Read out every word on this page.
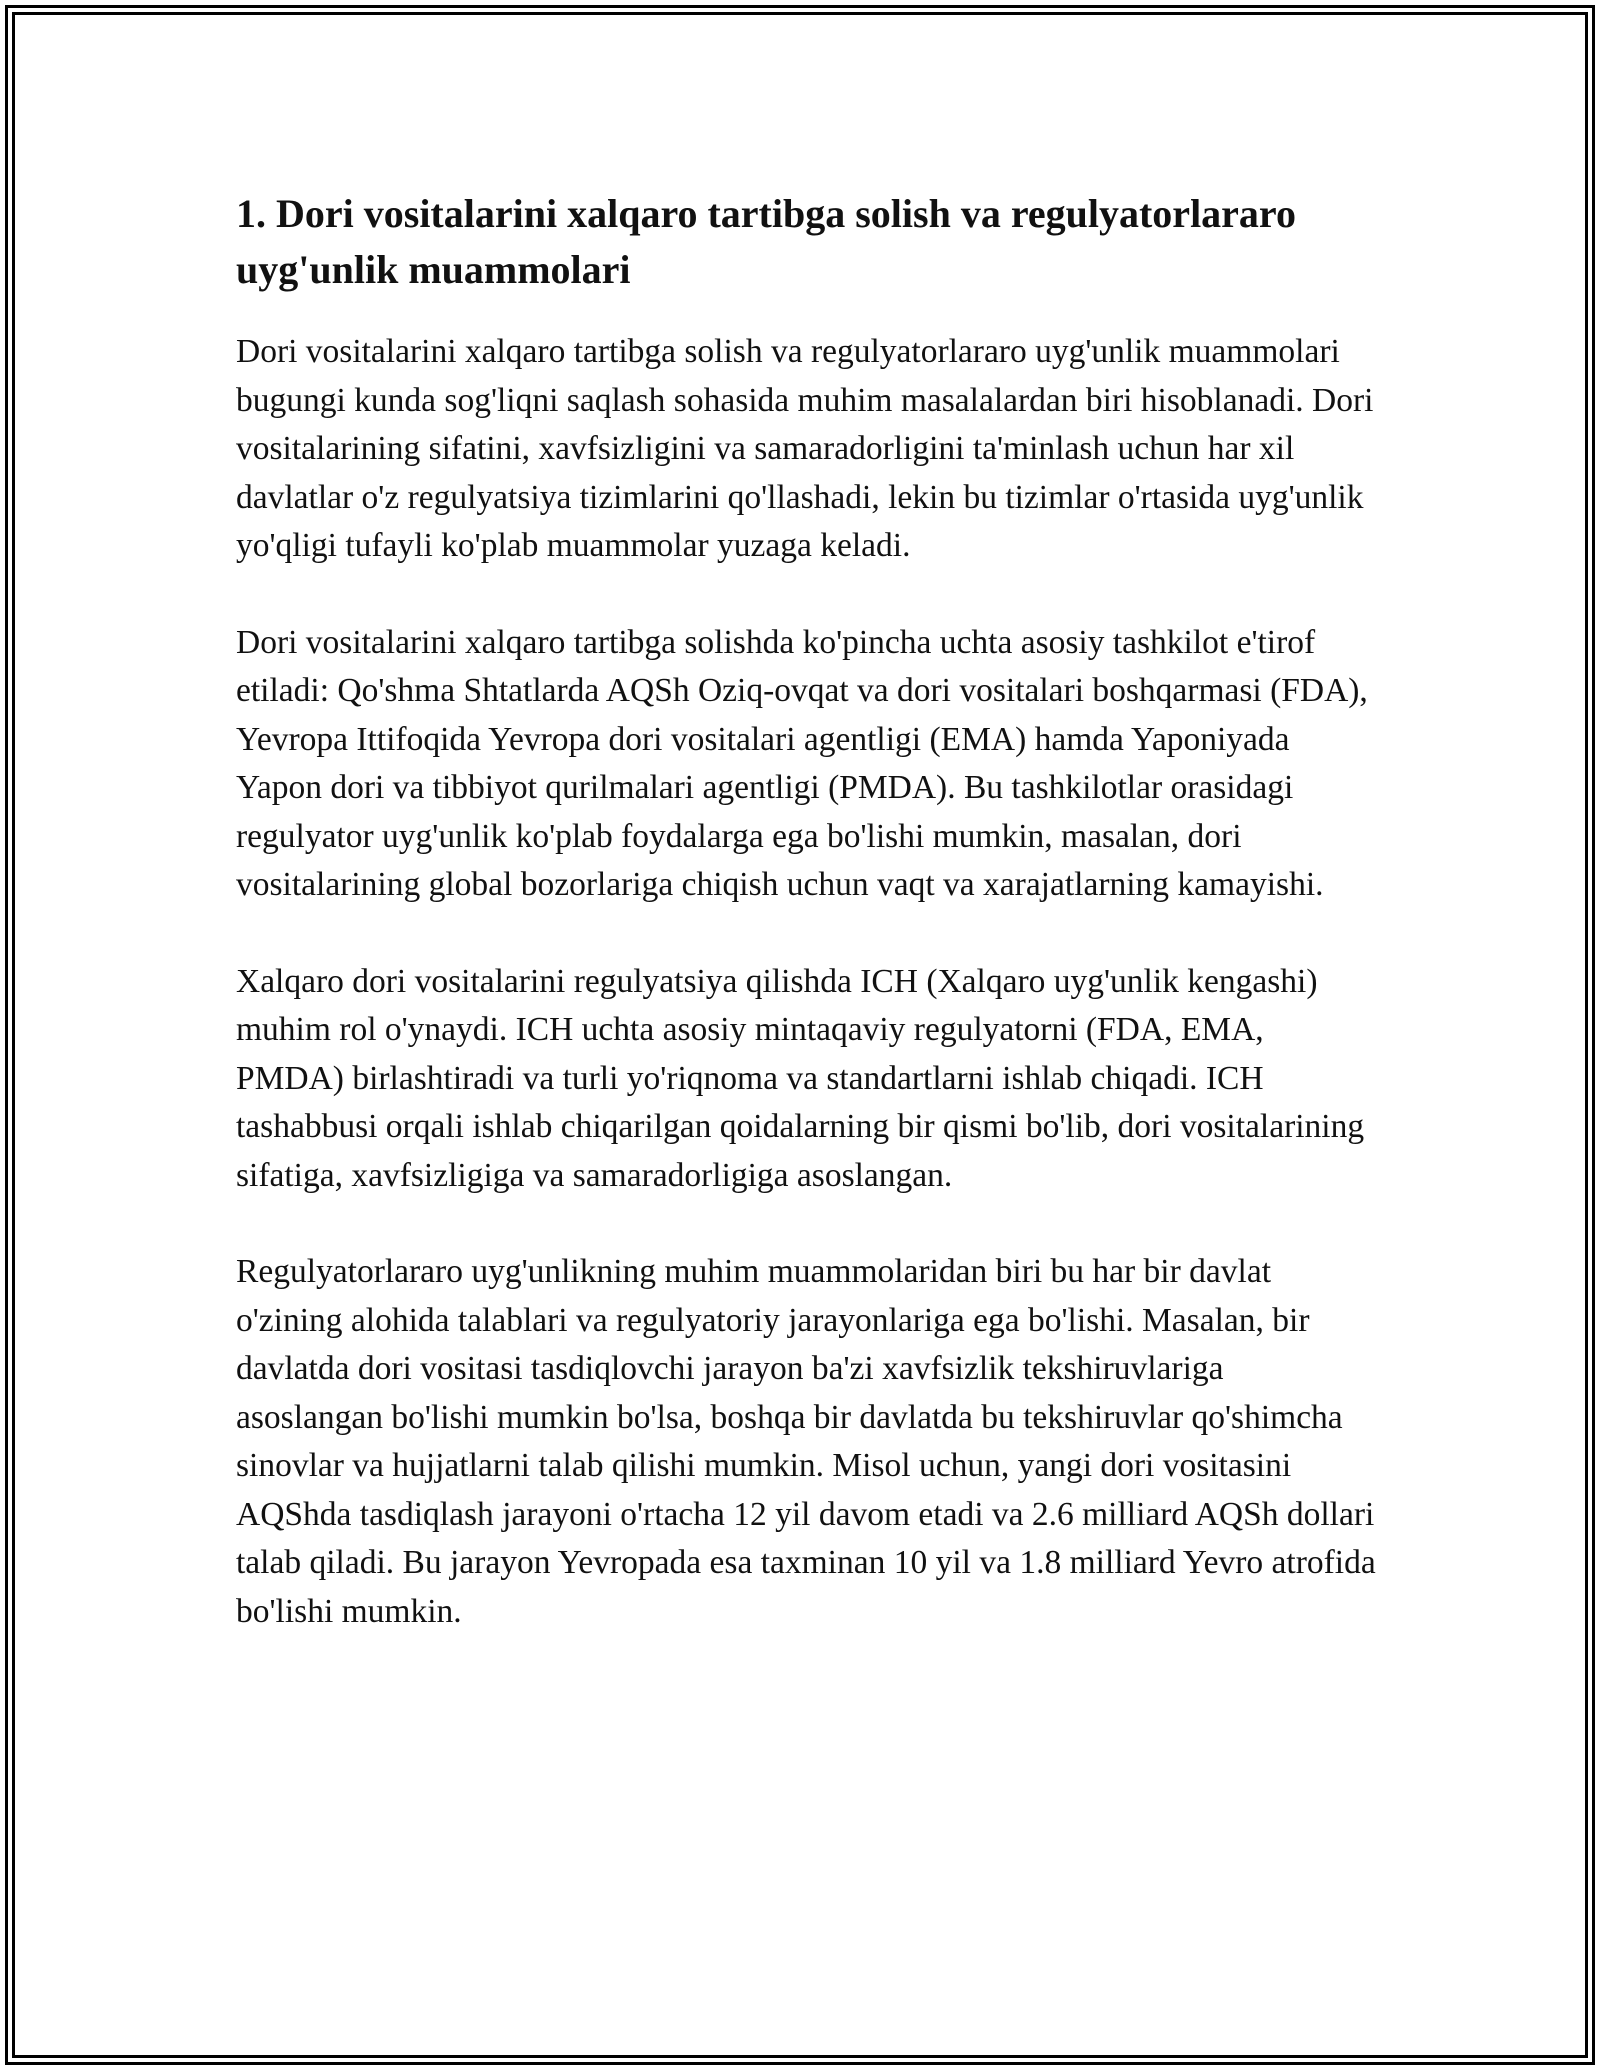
1. Dori vositalarini xalqaro tartibga solish va regulyatorlararo uyg'unlik muammolari

Dori vositalarini xalqaro tartibga solish va regulyatorlararo uyg'unlik muammolari bugungi kunda sog'liqni saqlash sohasida muhim masalalardan biri hisoblanadi. Dori vositalarining sifatini, xavfsizligini va samaradorligini ta'minlash uchun har xil davlatlar o'z regulyatsiya tizimlarini qo'llashadi, lekin bu tizimlar o'rtasida uyg'unlik yo'qligi tufayli ko'plab muammolar yuzaga keladi.

Dori vositalarini xalqaro tartibga solishda ko'pincha uchta asosiy tashkilot e'tirof etiladi: Qo'shma Shtatlarda AQSh Oziq-ovqat va dori vositalari boshqarmasi (FDA), Yevropa Ittifoqida Yevropa dori vositalari agentligi (EMA) hamda Yaponiyada Yapon dori va tibbiyot qurilmalari agentligi (PMDA). Bu tashkilotlar orasidagi regulyator uyg'unlik ko'plab foydalarga ega bo'lishi mumkin, masalan, dori vositalarining global bozorlariga chiqish uchun vaqt va xarajatlarning kamayishi.

Xalqaro dori vositalarini regulyatsiya qilishda ICH (Xalqaro uyg'unlik kengashi) muhim rol o'ynaydi. ICH uchta asosiy mintaqaviy regulyatorni (FDA, EMA, PMDA) birlashtiradi va turli yo'riqnoma va standartlarni ishlab chiqadi. ICH tashabbusi orqali ishlab chiqarilgan qoidalarning bir qismi bo'lib, dori vositalarining sifatiga, xavfsizligiga va samaradorligiga asoslangan.

Regulyatorlararo uyg'unlikning muhim muammolaridan biri bu har bir davlat o'zining alohida talablari va regulyatoriy jarayonlariga ega bo'lishi. Masalan, bir davlatda dori vositasi tasdiqlovchi jarayon ba'zi xavfsizlik tekshiruvlariga asoslangan bo'lishi mumkin bo'lsa, boshqa bir davlatda bu tekshiruvlar qo'shimcha sinovlar va hujjatlarni talab qilishi mumkin. Misol uchun, yangi dori vositasini AQShda tasdiqlash jarayoni o'rtacha 12 yil davom etadi va 2.6 milliard AQSh dollari talab qiladi. Bu jarayon Yevropada esa taxminan 10 yil va 1.8 milliard Yevro atrofida bo'lishi mumkin.
